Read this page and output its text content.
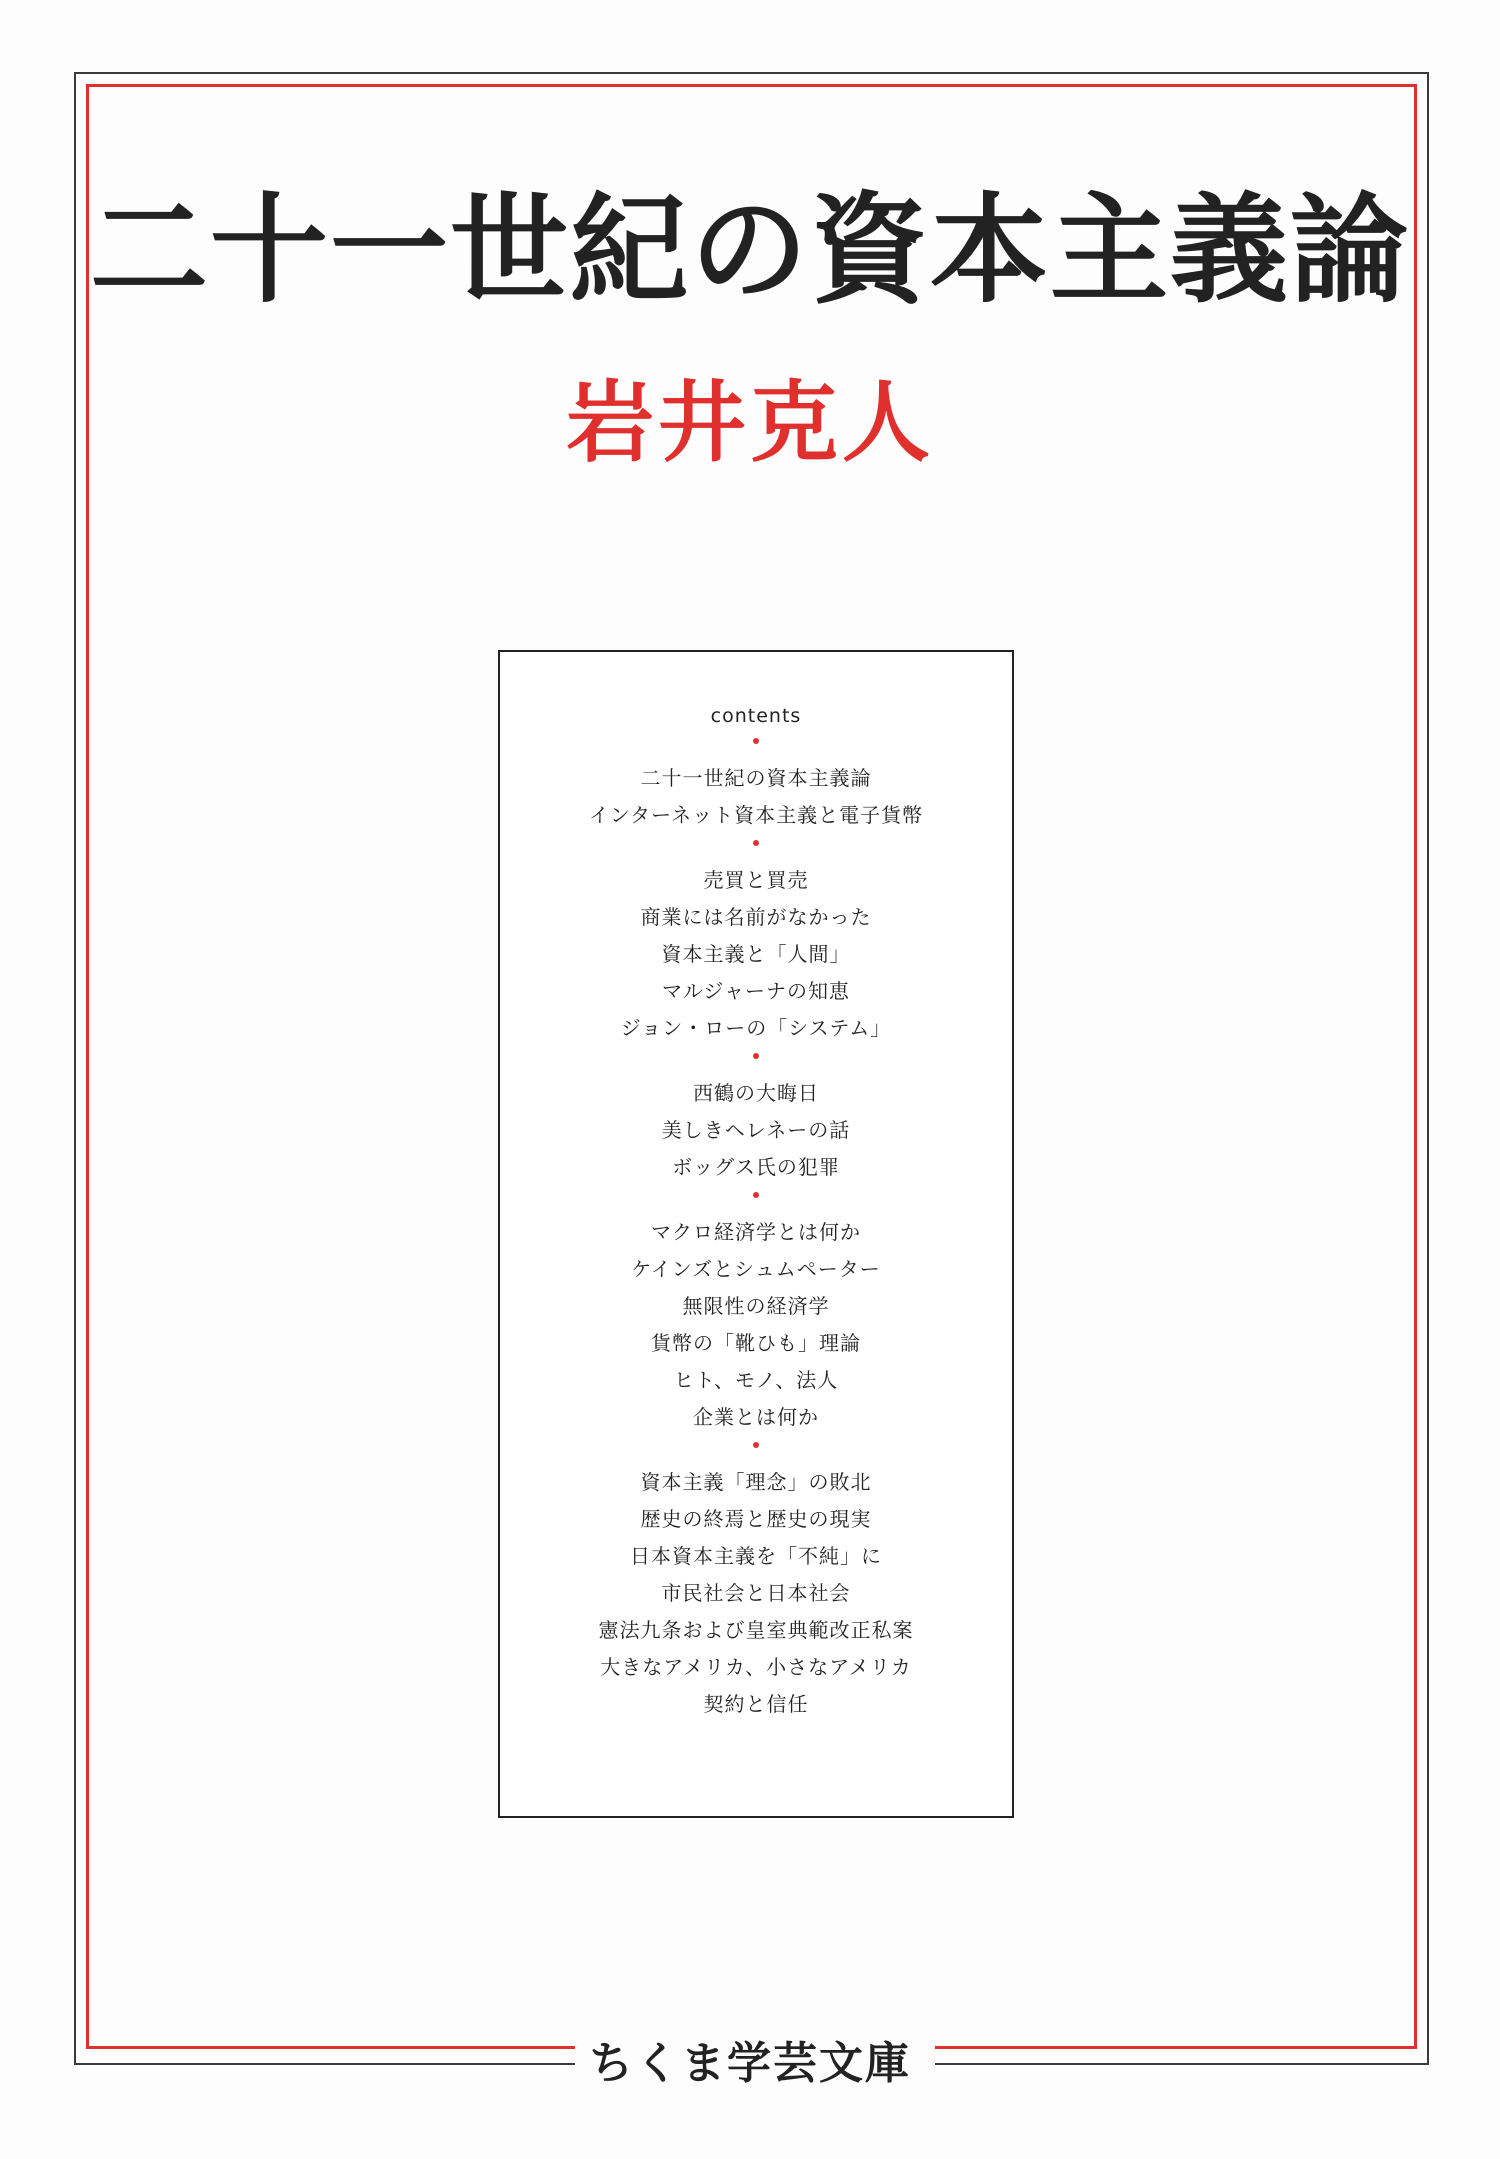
二十一世紀の資本主義論
岩井克人
contents
二十一世紀の資本主義論
インターネット資本主義と電子貨幣
売買と買売
商業には名前がなかった
資本主義と「人間」
マルジャーナの知恵
ジョン・ローの「システム」
西鶴の大晦日
美しきヘレネーの話
ボッグス氏の犯罪
マクロ経済学とは何か
ケインズとシュムペーター
無限性の経済学
貨幣の「靴ひも」理論
ヒト、モノ、法人
企業とは何か
資本主義「理念」の敗北
歴史の終焉と歴史の現実
日本資本主義を「不純」に
市民社会と日本社会
憲法九条および皇室典範改正私案
大きなアメリカ、小さなアメリカ
契約と信任
ちくま学芸文庫
